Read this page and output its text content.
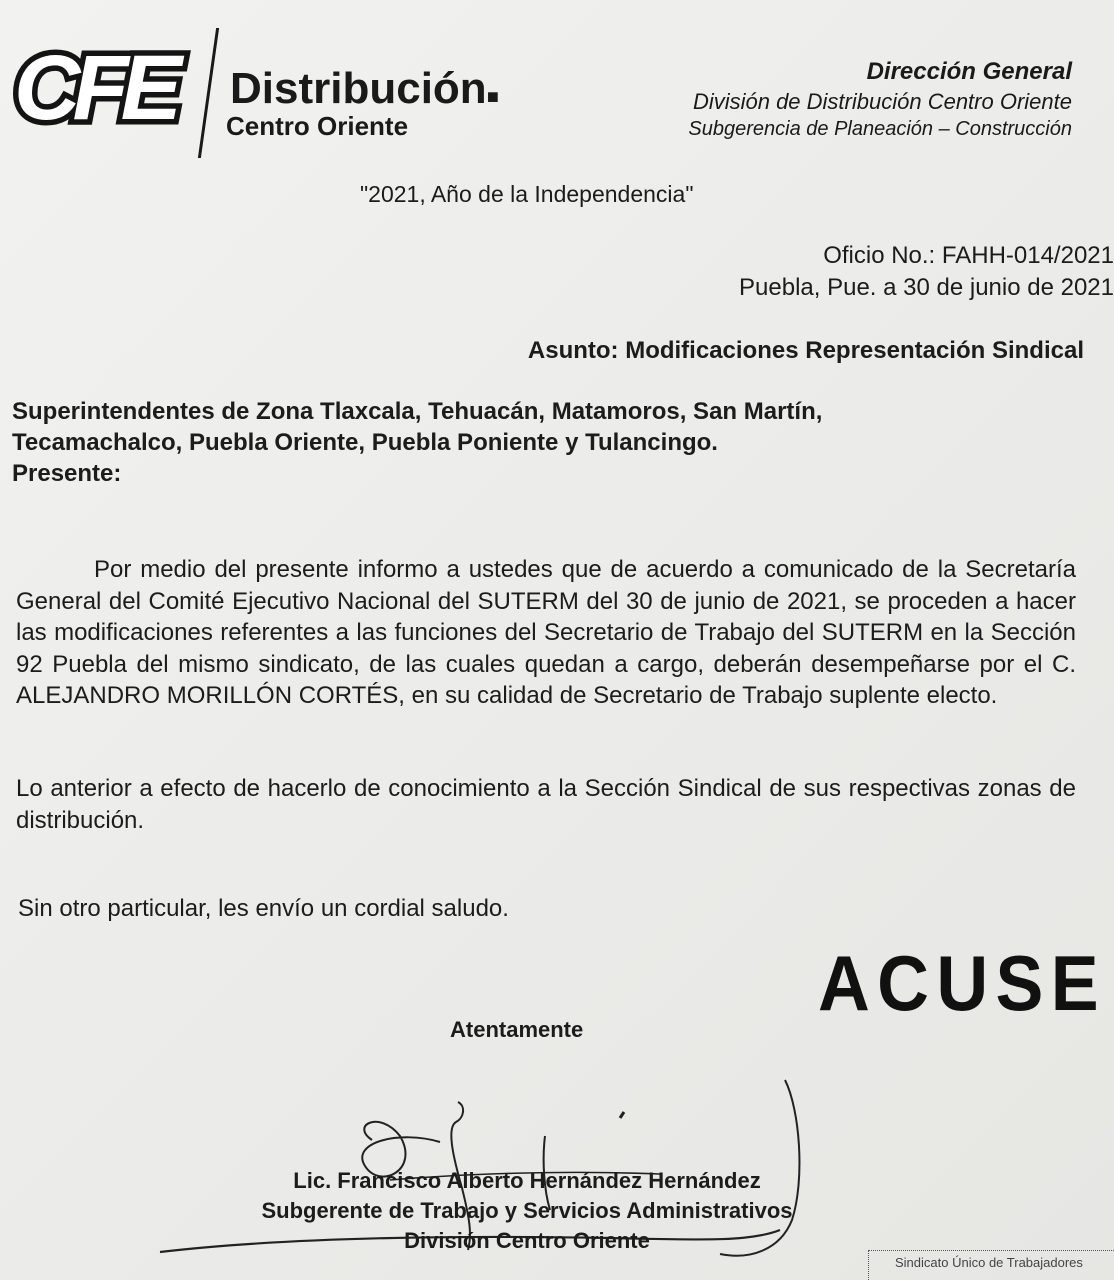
CFE Distribución■
Centro Oriente
Dirección General
División de Distribución Centro Oriente
Subgerencia de Planeación – Construcción
"2021, Año de la Independencia"
Oficio No.: FAHH-014/2021
Puebla, Pue. a 30 de junio de 2021
Asunto: Modificaciones Representación Sindical
Superintendentes de Zona Tlaxcala, Tehuacán, Matamoros, San Martín,
Tecamachalco, Puebla Oriente, Puebla Poniente y Tulancingo.
Presente:
Por medio del presente informo a ustedes que de acuerdo a comunicado de la Secretaría General del Comité Ejecutivo Nacional del SUTERM del 30 de junio de 2021, se proceden a hacer las modificaciones referentes a las funciones del Secretario de Trabajo del SUTERM en la Sección 92 Puebla del mismo sindicato, de las cuales quedan a cargo, deberán desempeñarse por el C. ALEJANDRO MORILLÓN CORTÉS, en su calidad de Secretario de Trabajo suplente electo.
Lo anterior a efecto de hacerlo de conocimiento a la Sección Sindical de sus respectivas zonas de distribución.
Sin otro particular, les envío un cordial saludo.
ACUSE
Atentamente
Lic. Francisco Alberto Hernández Hernández
Subgerente de Trabajo y Servicios Administrativos
División Centro Oriente
Sindicato Único de Trabajadores
